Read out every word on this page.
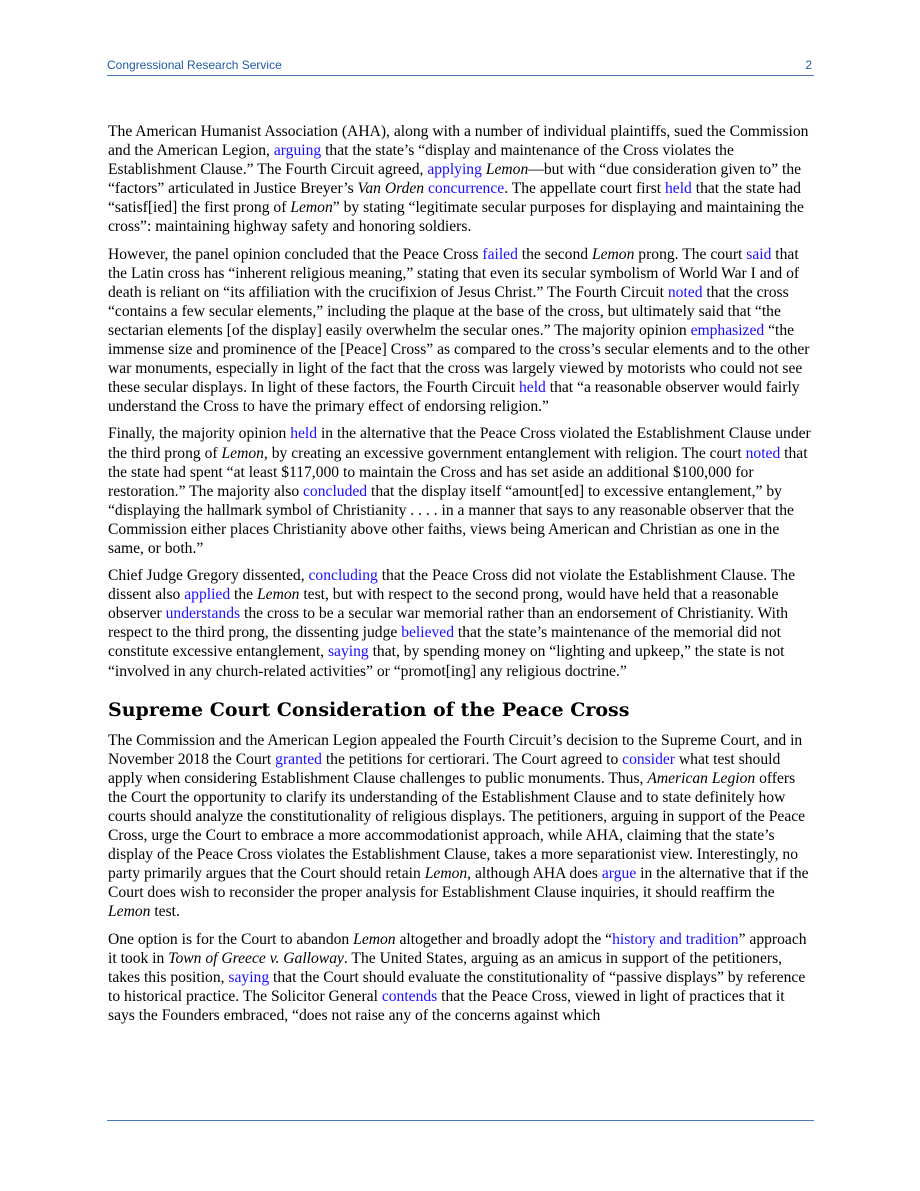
Congressional Research Service	2

The American Humanist Association (AHA), along with a number of individual plaintiffs, sued the Commission and the American Legion, arguing that the state’s “display and maintenance of the Cross violates the Establishment Clause.” The Fourth Circuit agreed, applying Lemon—but with “due consideration given to” the “factors” articulated in Justice Breyer’s Van Orden concurrence. The appellate court first held that the state had “satisf[ied] the first prong of Lemon” by stating “legitimate secular purposes for displaying and maintaining the cross”: maintaining highway safety and honoring soldiers.

However, the panel opinion concluded that the Peace Cross failed the second Lemon prong. The court said that the Latin cross has “inherent religious meaning,” stating that even its secular symbolism of World War I and of death is reliant on “its affiliation with the crucifixion of Jesus Christ.” The Fourth Circuit noted that the cross “contains a few secular elements,” including the plaque at the base of the cross, but ultimately said that “the sectarian elements [of the display] easily overwhelm the secular ones.” The majority opinion emphasized “the immense size and prominence of the [Peace] Cross” as compared to the cross’s secular elements and to the other war monuments, especially in light of the fact that the cross was largely viewed by motorists who could not see these secular displays. In light of these factors, the Fourth Circuit held that “a reasonable observer would fairly understand the Cross to have the primary effect of endorsing religion.”

Finally, the majority opinion held in the alternative that the Peace Cross violated the Establishment Clause under the third prong of Lemon, by creating an excessive government entanglement with religion. The court noted that the state had spent “at least $117,000 to maintain the Cross and has set aside an additional $100,000 for restoration.” The majority also concluded that the display itself “amount[ed] to excessive entanglement,” by “displaying the hallmark symbol of Christianity . . . . in a manner that says to any reasonable observer that the Commission either places Christianity above other faiths, views being American and Christian as one in the same, or both.”

Chief Judge Gregory dissented, concluding that the Peace Cross did not violate the Establishment Clause. The dissent also applied the Lemon test, but with respect to the second prong, would have held that a reasonable observer understands the cross to be a secular war memorial rather than an endorsement of Christianity. With respect to the third prong, the dissenting judge believed that the state’s maintenance of the memorial did not constitute excessive entanglement, saying that, by spending money on “lighting and upkeep,” the state is not “involved in any church-related activities” or “promot[ing] any religious doctrine.”

Supreme Court Consideration of the Peace Cross

The Commission and the American Legion appealed the Fourth Circuit’s decision to the Supreme Court, and in November 2018 the Court granted the petitions for certiorari. The Court agreed to consider what test should apply when considering Establishment Clause challenges to public monuments. Thus, American Legion offers the Court the opportunity to clarify its understanding of the Establishment Clause and to state definitely how courts should analyze the constitutionality of religious displays. The petitioners, arguing in support of the Peace Cross, urge the Court to embrace a more accommodationist approach, while AHA, claiming that the state’s display of the Peace Cross violates the Establishment Clause, takes a more separationist view. Interestingly, no party primarily argues that the Court should retain Lemon, although AHA does argue in the alternative that if the Court does wish to reconsider the proper analysis for Establishment Clause inquiries, it should reaffirm the Lemon test.

One option is for the Court to abandon Lemon altogether and broadly adopt the “history and tradition” approach it took in Town of Greece v. Galloway. The United States, arguing as an amicus in support of the petitioners, takes this position, saying that the Court should evaluate the constitutionality of “passive displays” by reference to historical practice. The Solicitor General contends that the Peace Cross, viewed in light of practices that it says the Founders embraced, “does not raise any of the concerns against which
